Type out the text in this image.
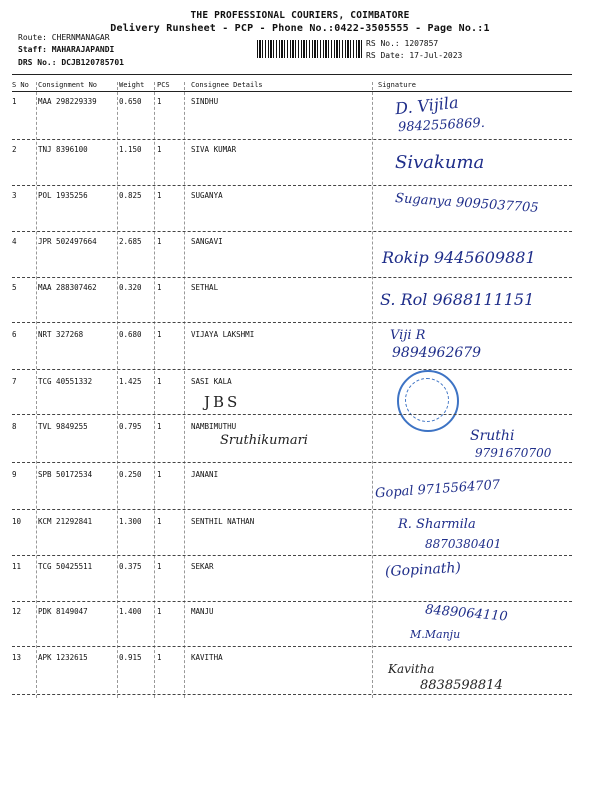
THE PROFESSIONAL COURIERS, COIMBATORE
Delivery Runsheet - PCP - Phone No.:0422-3505555 - Page No.:1
Route: CHERNMANAGAR
Staff: MAHARAJAPANDI
DRS No.: DCJB120785701
RS No.: 1207857
RS Date: 17-Jul-2023
S No	Consignment No	Weight	PCS	Consignee Details	Signature
1	MAA 298229339	0.650	1	SINDHU	D. Vijila
9842556869.
2	TNJ 8396100	1.150	1	SIVA KUMAR
Sivakuma
3	POL 1935256	0.825	1	SUGANYA	Suganya 9095037705
4	JPR 502497664	2.685	1	SANGAVI
Rokip 9445609881
5	MAA 288307462	0.320	1	SETHAL
S. Rol 9688111151
6	NRT 327268	0.680	1	VIJAYA LAKSHMI	Viji R
9894962679
7	TCG 40551332	1.425	1	SASI KALA
JBS
8	TVL 9849255	0.795	1	NAMBIMUTHU
Sruthikumari	Sruthi
9791670700
9	SPB 50172534	0.250	1	JANANI
Gopal 9715564707
10	KCM 21292841	1.300	1	SENTHIL NATHAN	R. Sharmila
8870380401
11	TCG 50425511	0.375	1	SEKAR	(Gopinath)
12	PDK 8149047	1.400	1	MANJU	8489064110
M.Manju
13	APK 1232615	0.915	1	KAVITHA
Kavitha
8838598814
